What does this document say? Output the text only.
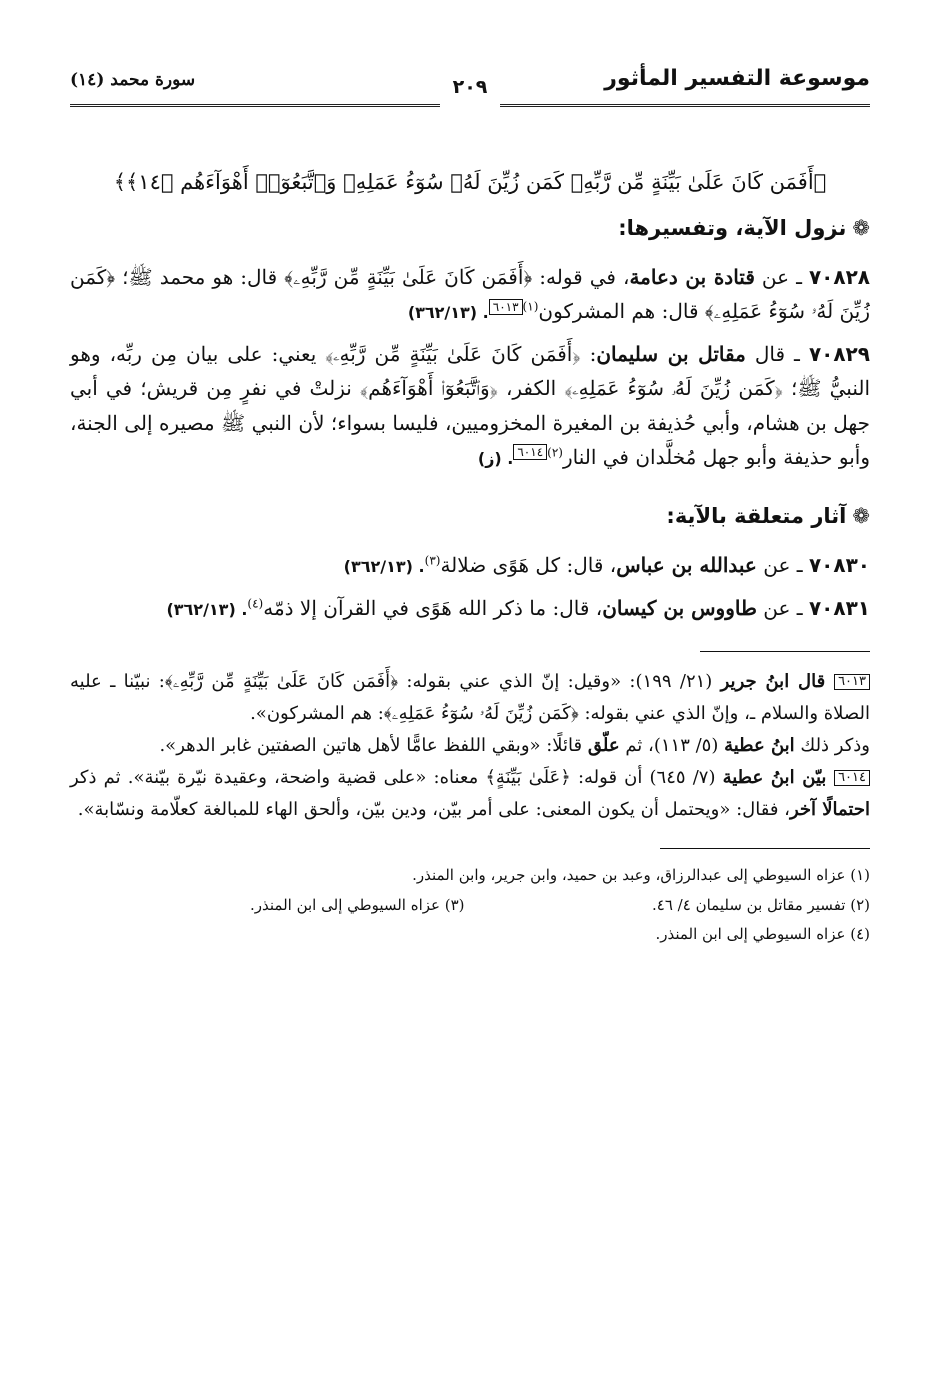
موسوعة التفسير المأثور
٢٠٩
سورة محمد (١٤)
﴿أَفَمَن كَانَ عَلَىٰ بَيِّنَةٍ مِّن رَّبِّهِۦ كَمَن زُيِّنَ لَهُۥ سُوٓءُ عَمَلِهِۦ وَٱتَّبَعُوٓا۟ أَهْوَآءَهُم ﴿١٤﴾﴾
❁نزول الآية، وتفسيرها:

٧٠٨٢٨ ـ عن قتادة بن دعامة، في قوله: ﴿أَفَمَن كَانَ عَلَىٰ بَيِّنَةٍ مِّن رَّبِّهِۦ﴾ قال: هو محمد ﷺ؛ ﴿كَمَن زُيِّنَ لَهُۥ سُوٓءُ عَمَلِهِۦ﴾ قال: هم المشركون$^{(١)}$٦٠١٣. (٣٦٢/١٣)

٧٠٨٢٩ ـ قال مقاتل بن سليمان: ﴿أَفَمَن كَانَ عَلَىٰ بَيِّنَةٍ مِّن رَّبِّهِۦ﴾ يعني: على بيان مِن ربِّه، وهو النبيُّ ﷺ؛ ﴿كَمَن زُيِّنَ لَهُۥ سُوٓءُ عَمَلِهِۦ﴾ الكفر، ﴿وَٱتَّبَعُوٓا۟ أَهْوَآءَهُم﴾ نزلتْ في نفرٍ مِن قريش؛ في أبي جهل بن هشام، وأبي حُذيفة بن المغيرة المخزوميين، فليسا بسواء؛ لأن النبي ﷺ مصيره إلى الجنة، وأبو حذيفة وأبو جهل مُخلَّدان في النار$^{(٢)}$٦٠١٤. (ز)

❁آثار متعلقة بالآية:

٧٠٨٣٠ ـ عن عبدالله بن عباس، قال: كل هَوًى ضلالة$^{(٣)}$. (٣٦٢/١٣)

٧٠٨٣١ ـ عن طاووس بن كيسان، قال: ما ذكر الله هَوًى في القرآن إلا ذمّه$^{(٤)}$. (٣٦٢/١٣)

٦٠١٣ قال ابنُ جرير (٢١/ ١٩٩): «وقيل: إنّ الذي عني بقوله: ﴿أَفَمَن كَانَ عَلَىٰ بَيِّنَةٍ مِّن رَّبِّهِۦ﴾: نبيّنا ـ عليه الصلاة والسلام ـ، وإنّ الذي عني بقوله: ﴿كَمَن زُيِّنَ لَهُۥ سُوٓءُ عَمَلِهِۦ﴾: هم المشركون».

وذكر ذلك ابنُ عطية (٥/ ١١٣)، ثم علّق قائلًا: «وبقي اللفظ عامًّا لأهل هاتين الصفتين غابر الدهر».

٦٠١٤ بيّن ابنُ عطية (٧/ ٦٤٥) أن قوله: ﴿عَلَىٰ بَيِّنَةٍ﴾ معناه: «على قضية واضحة، وعقيدة نيّرة بيّنة». ثم ذكر احتمالًا آخر، فقال: «ويحتمل أن يكون المعنى: على أمر بيّن، ودين بيّن، وألحق الهاء للمبالغة كعلّامة ونسّابة».

(١) عزاه السيوطي إلى عبدالرزاق، وعبد بن حميد، وابن جرير، وابن المنذر.
(٢) تفسير مقاتل بن سليمان ٤/ ٤٦.
(٣) عزاه السيوطي إلى ابن المنذر.
(٤) عزاه السيوطي إلى ابن المنذر.
